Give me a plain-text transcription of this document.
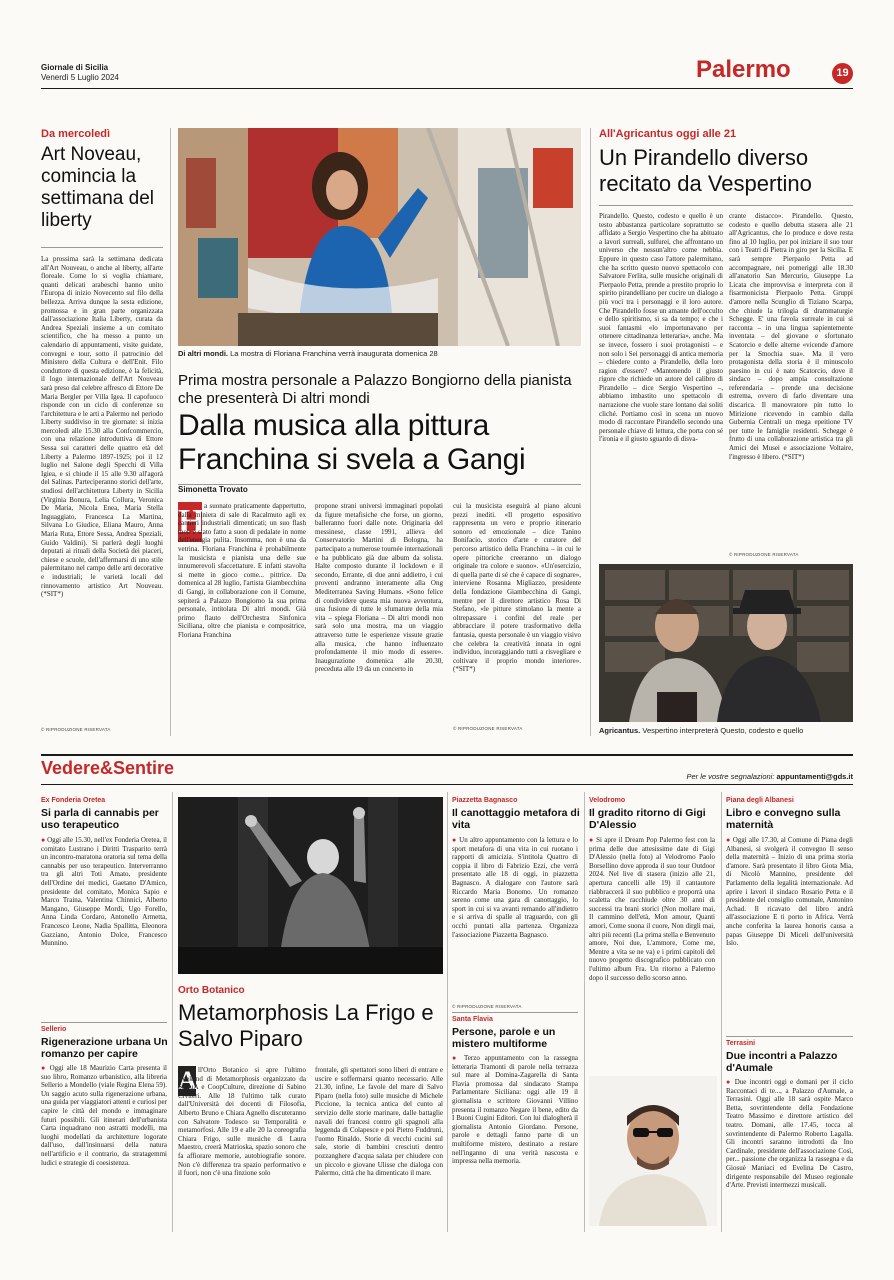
Giornale di Sicilia
Venerdì 5 Luglio 2024	Palermo	19
Da mercoledì
Art Noveau, comincia la settimana del liberty
La prossima sarà la settimana dedicata all'Art Nouveau, o anche al liberty, all'arte floreale. Come lo si voglia chiamare, quanti delicati arabeschi hanno unito l'Europa di inizio Novecento sul filo della bellezza. Arriva dunque la sesta edizione, promossa e in gran parte organizzata dall'associazione Italia Liberty, curata da Andrea Speziali insieme a un comitato scientifico, che ha messo a punto un calendario di appuntamenti, visite guidate, convegni e tour, sotto il patrocinio del Ministero della Cultura e dell'Enit. Filo conduttore di questa edizione, è la felicità, il logo internazionale dell'Art Nouveau sarà preso dal celebre affresco di Ettore De Maria Bergler per Villa Igea. Il capofuoco risponde con un ciclo di conferenze su l'architettura e le arti a Palermo nel periodo Liberty suddiviso in tre giornate: si inizia mercoledì alle 15.30 alla Confcommercio, con una relazione introduttiva di Ettore Sessa sui caratteri delle quattro età del Liberty a Palermo 1897-1925; poi il 12 luglio nel Salone degli Specchi di Villa Igiea, e si chiude il 15 alle 9.30 all'agorà del Salinas. Parteciperanno storici dell'arte, studiosi dell'architettura Liberty in Sicilia (Virginia Bonura, Lelia Collura, Veronica De Maria, Nicola Enea, Maria Stella Inguaggiato, Francesca La Martina, Silvana Lo Giudice, Eliana Mauro, Anna Maria Ruta, Ettore Sessa, Andrea Speziali, Guido Valdini). Si parlerà degli luoghi deputati ai rituali della Società dei piaceri, chiese e scuole, dell'affermarsi di uno stile palermitano nel campo delle arti decorative e industriali; le varietà locali del rinnovamento artistico Art Nouveau. (*SIT*)
© RIPRODUZIONE RISERVATA
Di altri mondi. La mostra di Floriana Franchina verrà inaugurata domenica 28
Prima mostra personale a Palazzo Bongiorno della pianista che presenterà Di altri mondi
Dalla musica alla pittura Franchina si svela a Gangi
Simonetta Trovato
H a suonato praticamente dappertutto, dalla miniera di sale di Racalmuto agli ex cantieri industriali dimenticati; un suo flash mob è stato fatto a suon di pedalate in nome dell'energia pulita. Insomma, non è una da vetrina. Floriana Franchina è probabilmente la musicista e pianista una delle sue innumerevoli sfaccettature. E infatti stavolta si mette in gioco come... pittrice. Da domenica al 28 luglio, l'artista Giambecchina di Gangi, in collaborazione con il Comune, sepiterà a Palazzo Bongiorno la sua prima personale, intitolata Di altri mondi. Già primo flauto dell'Orchestra Sinfonica Siciliana, oltre che pianista e compositrice, Floriana Franchina
propone strani universi immaginari popolati da figure metafisiche che forse, un giorno, balleranno fuori dalle note. Originaria del messinese, classe 1991, allieva del Conservatorio Martini di Bologna, ha partecipato a numerose tournée internazionali e ha pubblicato già due album da solista. Halte composto durante il lockdown e il secondo, Errante, di due anni addietro, i cui proventi andranno interamente alla Ong Mediterranea Saving Humans. «Sono felice di condividere questa mia nuova avventura, una fusione di tutte le sfumature della mia vita – spiega Floriana – Di altri mondi non sarà solo una mostra, ma un viaggio attraverso tutte le esperienze vissute grazie alla musica, che hanno influenzato profondamente il mio modo di essere». Inaugurazione domenica alle 20.30, preceduta alle 19 da un concerto in
cui la musicista eseguirà al piano alcuni pezzi inediti. «Il progetto espositivo rappresenta un vero e proprio itinerario sonoro ed emozionale – dice Tanino Bonifacio, storico d'arte e curatore del percorso artistico della Franchina – in cui le opere pittoriche creeranno un dialogo originale tra colore e suono». «Un'esercizio, di quella parte di sé che è capace di sognare», interviene Rosanna Migliazzo, presidente della fondazione Giambecchina di Gangi, mentre per il direttore artistico Rosa Di Stefano, «le pitture stimolano la mente a oltrepassare i confini del reale per abbracciare il potere trasformativo della fantasia, questa personale è un viaggio visivo che celebra la creatività innata in ogni individuo, incoraggiando tutti a risvegliare e coltivare il proprio mondo interiore». (*SIT*)
© RIPRODUZIONE RISERVATA
All'Agricantus oggi alle 21
Un Pirandello diverso recitato da Vespertino
Pirandello. Questo, codesto e quello è un testo abbastanza particolare soprattutto se affidato a Sergio Vespertino che ha abituato a lavori surreali, sulfurei, che affrontano un universo che nessun'altro come nebbia. Eppure in questo caso l'attore palermitano, che ha scritto questo nuovo spettacolo con Salvatore Ferlita, sulle musiche originali di Pierpaolo Petta, prende a prestito proprio lo spirito pirandelliano per cucire un dialogo a più voci tra i personaggi e il loro autore. Che Pirandello fosse un amante dell'occulto e dello spiritismo, si sa da tempo; e che i suoi fantasmi «lo importunavano per ottenere cittadinanza letteraria», anche. Ma se invece, fossero i suoi protagonisti – e non solo i Sei personaggi di antica memoria – chiedere conto a Pirandello, della loro ragion d'essere? «Mantenendo il giusto rigore che richiede un autore del calibro di Pirandello – dice Sergio Vespertino –, abbiamo imbastito uno spettacolo di narrazione che vuole stare lontano dai soliti cliché. Portiamo così in scena un nuovo modo di raccontare Pirandello secondo una personale chiave di lettura, che porta con sé l'ironia e il giusto sguardo di disva-
crante distacco». Pirandello. Questo, codesto e quello debutta stasera alle 21 all'Agricantus, che lo produce e dove resta fino al 10 luglio, per poi iniziare il suo tour con i Teatri di Pietra in giro per la Sicilia. E sarà sempre Pierpaolo Petta ad accompagnare, nei pomeriggi alle 18.30 all'anatorio San Mercurio, Giuseppe La Licata che improvvisa e interpreta con il fisarmonicista Pierpaolo Petta. Gruppi d'amore nella Scunglio di Tiziano Scarpa, che chiude la trilogia di drammaturgie Schegge. E' una favola surreale in cui si racconta – in una lingua sapientemente inventata – del giovane e sfortunato Scatorcio e delle alterne «vicende d'amore per la Smochia sua». Ma il vero protagonista della storia è il minuscolo paesino in cui è nato Scatorcio, dove il sindaco – dopo ampia consultazione referendaria – prende una decisione estrema, ovvero di farlo diventare una discarica. Il manovratore pin tutto lo Mirizione ricevendo in cambio dalla Gubernia Centrali un mega epeitione TV per tutte le famiglie residenti. Schegge è frutto di una collaborazione artistica tra gli Amici dei Musei e associazione Voltaire, l'ingresso è libero. (*SIT*)
© RIPRODUZIONE RISERVATA
Agricantus. Vespertino interpreterà Questo, codesto e quello
Vedere&Sentire	Per le vostre segnalazioni: appuntamenti@gds.it
Ex Fonderia Oretea
Si parla di cannabis per uso terapeutico
● Oggi alle 15.30, nell'ex Fonderia Oretea, il comitato Lustrano i Diritti Trasparito terrà un incontro-maratona oratoria sul tema della cannabis per uso terapeutico. Interverranno tra gli altri Toti Amato, presidente dell'Ordine dei medici, Gaetano D'Amico, presidente del comitato, Monica Sapio e Marco Traina, Valentina Chinnici, Alberto Mangano, Giuseppe Mordi, Ugo Forello, Anna Linda Cordaro, Antonello Armetta, Francesco Leone, Nadia Spallitta, Eleonora Gazziano, Antonio Dolce, Francesco Munnino.
Sellerio
Rigenerazione urbana Un romanzo per capire
● Oggi alle 18 Maurizio Carta presenta il suo libro, Romanzo urbanistico, alla libreria Sellerio a Mondello (viale Regina Elena 59). Un saggio acuto sulla rigenerazione urbana, una guida per viaggiatori attenti e curiosi per capire le città del mondo e immaginare futuri possibili. Gli itinerari dell'urbanista Carta inquadrano non astratti modelli, ma luoghi modellati da architetture logorate dall'uso, dall'insinuarsi della natura nell'artificio e il contrario, da stratagemmi ludici e strategie di coesistenza.
Orto Botanico
Metamorphosis La Frigo e Salvo Piparo
A ll'Orto Botanico si apre l'ultimo weekend di Metamorphosis organizzato da SiMuA e CoopCulture, direzione di Sabino Civiteri. Alle 18 l'ultimo talk curato dall'Università dei docenti di Filosofia, Alberto Bruno e Chiara Agnello discuteranno con Salvatore Todesco su Temporalità e metamorfosi. Alle 19 e alle 20 la coreografia Chiara Frigo, sulle musiche di Laura Maestro, creerà Matrioska, spazio sonoro che fa affiorare memorie, autobiografie sonore. Non c'è differenza tra spazio performativo e il fuori, non c'è una finzione solo
frontale, gli spettatori sono liberi di entrare e uscire e soffermarsi quanto necessario. Alle 21.30, infine, Le favole del mare di Salvo Piparo (nella foto) sulle musiche di Michele Piccione, la tecnica antica del cunto al servizio delle storie marinare, dalle battaglie navali dei francesi contro gli spagnoli alla leggenda di Colapesce e poi Pietro Fuddruni, l'uomo Rinaldo. Storie di vecchi cucini sul sale, storie di bambini cresciuti dentro pozzanghere d'acqua salata per chiudere con un piccolo e giovane Ulisse che dialoga con Palermo, città che ha dimenticato il mare.
Piazzetta Bagnasco
Il canottaggio metafora di vita
● Un altro appuntamento con la lettura e lo sport metafora di una vita in cui ruotano i rapporti di amicizia. S'intitola Quattro di coppia il libro di Fabrizio Ezzi, che verrà presentato alle 18 di oggi, in piazzetta Bagnasco. A dialogare con l'autore sarà Riccardo Maria Bonomo. Un romanzo sereno come una gara di canottaggio, lo sport in cui si va avanti remando all'indietro e si arriva di spalle al traguardo, con gli occhi puntati alla partenza. Organizza l'associazione Piazzetta Bagnasco.
© RIPRODUZIONE RISERVATA
Santa Flavia
Persone, parole e un mistero multiforme
● Terzo appuntamento con la rassegna letteraria Tramonti di parole nella terrazza sul mare al Domina-Zagarella di Santa Flavia promossa dal sindacato Stampa Parlamentare Siciliana: oggi alle 19 il giornalista e scrittore Giovanni Villino presenta il romanzo Negare il bene, edito da I Buoni Cugini Editori. Con lui dialogherà il giornalista Antonio Giordano. Persone, parole e dettagli fanno parte di un multiforme mistero, destinato a restare nell'inganno di una verità nascosta e impressa nella memoria.
Velodromo
Il gradito ritorno di Gigi D'Alessio
● Si apre il Dream Pop Palermo fest con la prima delle due attesissime date di Gigi D'Alessio (nella foto) al Velodromo Paolo Borsellino dove approda il suo tour Outdoor 2024. Nel live di stasera (inizio alle 21, apertura cancelli alle 19) il cantautore riabbraccerà il suo pubblico e proporrà una scaletta che racchiude oltre 30 anni di successi tra brani storici (Non mollare mai, Il cammino dell'età, Mon amour, Quanti amori, Come suona il cuore, Non dirgli mai, altri più recenti (La prima stella e Benvenuto amore, Noi due, L'ammore, Come me, Mentre a vita se ne va) e i primi capitoli del nuovo progetto discografico pubblicato con l'ultimo album Fra. Un ritorno a Palermo dopo il successo dello scorso anno.
Piana degli Albanesi
Libro e convegno sulla maternità
● Oggi alle 17.30, al Comune di Piana degli Albanesi, si svolgerà il convegno Il senso della maternità – Inizio di una prima storia d'amore. Sarà presentato il libro Giota Mia, di Nicolò Mannino, presidente del Parlamento della legalità internazionale. Ad aprire i lavori il sindaco Rosario Petta e il presidente del consiglio comunale, Antonino Achad. Il ricavato del libro andrà all'associazione E ti porto in Africa. Verrà anche conferita la laurea honoris causa a papas Giuseppe Di Miceli dell'università Islo.
Terrasini
Due incontri a Palazzo d'Aumale
● Due incontri oggi e domani per il ciclo Raccontaci di te..., a Palazzo d'Aumale, a Terrasini. Oggi alle 18 sarà ospite Marco Betta, sovrintendente della Fondazione Teatro Massimo e direttore artistico del teatro. Domani, alle 17.45, tocca al sovrintendente di Palermo Roberto Lagalla. Gli incontri saranno introdotti da Ino Cardinale, presidente dell'associazione Così, per... passione che organizza la rassegna e da Giosuè Maniaci ed Evelina De Castro, dirigente responsabile del Museo regionale d'Arte. Previsti intermezzi musicali.
